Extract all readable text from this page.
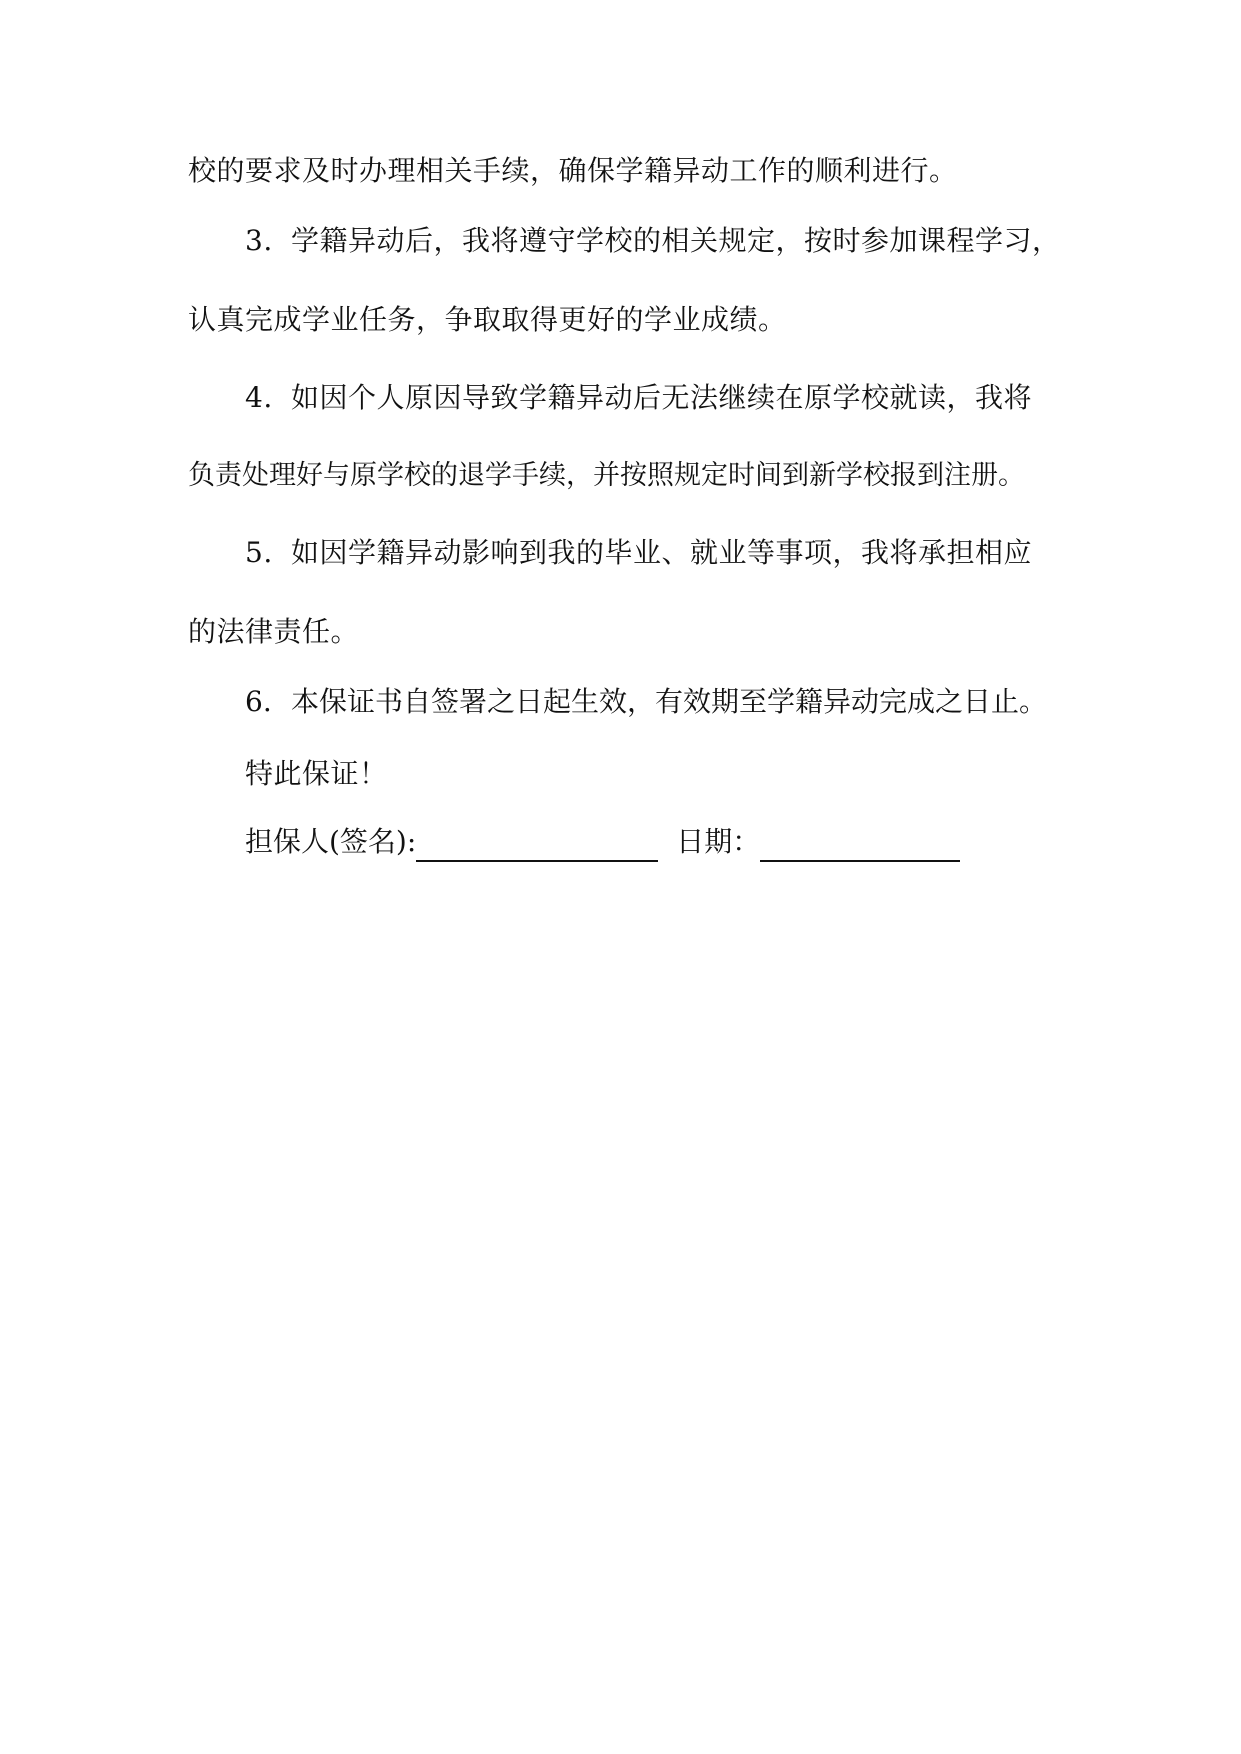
校的要求及时办理相关手续，确保学籍异动工作的顺利进行。
3. 学籍异动后，我将遵守学校的相关规定，按时参加课程学习，
认真完成学业任务，争取取得更好的学业成绩。
4. 如因个人原因导致学籍异动后无法继续在原学校就读，我将
负责处理好与原学校的退学手续，并按照规定时间到新学校报到注册。
5. 如因学籍异动影响到我的毕业、就业等事项，我将承担相应
的法律责任。
6. 本保证书自签署之日起生效，有效期至学籍异动完成之日止。
特此保证！
担保人(签名):	日期：
